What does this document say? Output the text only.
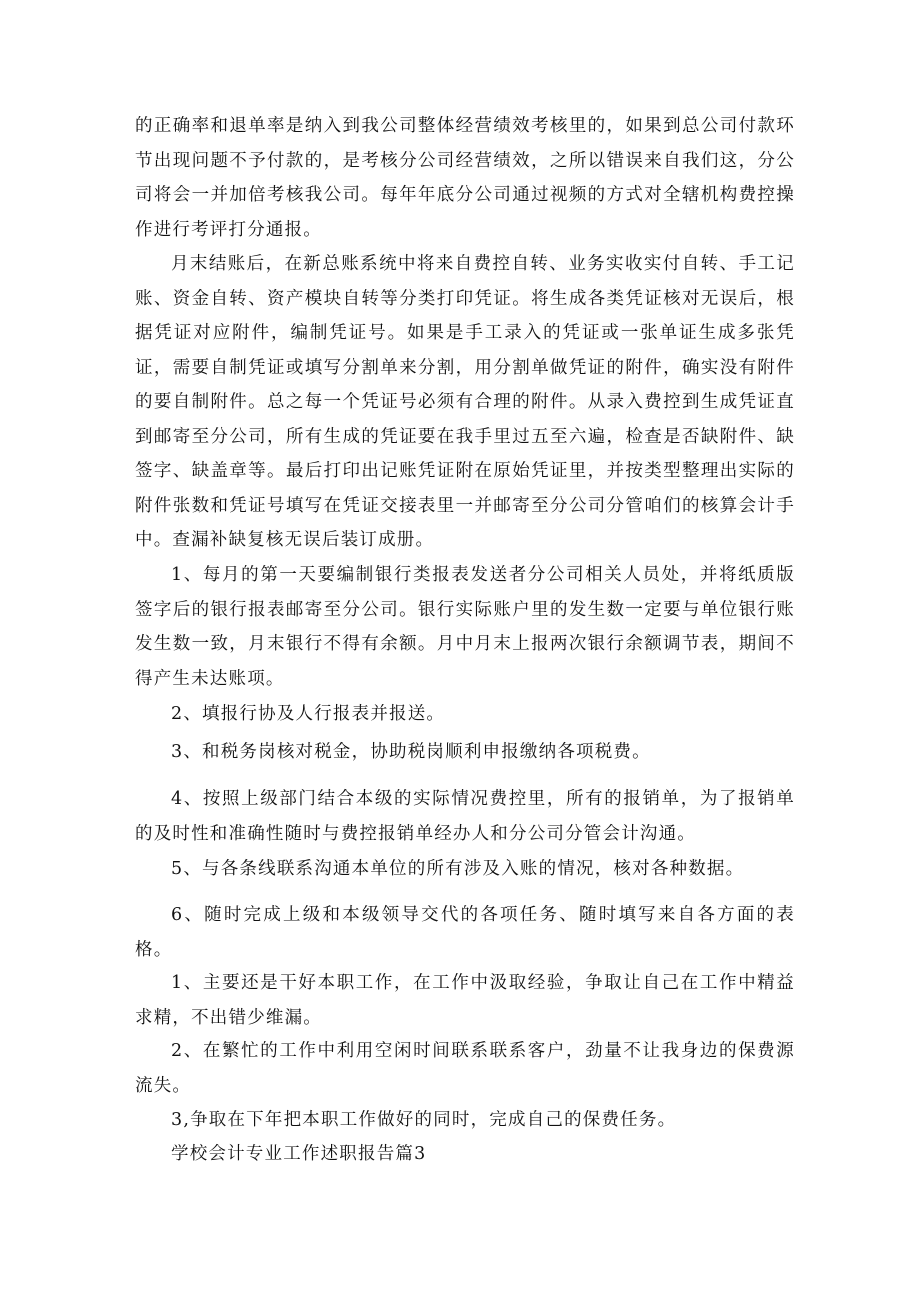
的正确率和退单率是纳入到我公司整体经营绩效考核里的，如果到总公司付款环节出现问题不予付款的，是考核分公司经营绩效，之所以错误来自我们这，分公司将会一并加倍考核我公司。每年年底分公司通过视频的方式对全辖机构费控操作进行考评打分通报。

月末结账后，在新总账系统中将来自费控自转、业务实收实付自转、手工记账、资金自转、资产模块自转等分类打印凭证。将生成各类凭证核对无误后，根据凭证对应附件，编制凭证号。如果是手工录入的凭证或一张单证生成多张凭证，需要自制凭证或填写分割单来分割，用分割单做凭证的附件，确实没有附件的要自制附件。总之每一个凭证号必须有合理的附件。从录入费控到生成凭证直到邮寄至分公司，所有生成的凭证要在我手里过五至六遍，检查是否缺附件、缺签字、缺盖章等。最后打印出记账凭证附在原始凭证里，并按类型整理出实际的附件张数和凭证号填写在凭证交接表里一并邮寄至分公司分管咱们的核算会计手中。查漏补缺复核无误后装订成册。

1、每月的第一天要编制银行类报表发送者分公司相关人员处，并将纸质版签字后的银行报表邮寄至分公司。银行实际账户里的发生数一定要与单位银行账发生数一致，月末银行不得有余额。月中月末上报两次银行余额调节表，期间不得产生未达账项。

2、填报行协及人行报表并报送。

3、和税务岗核对税金，协助税岗顺利申报缴纳各项税费。

4、按照上级部门结合本级的实际情况费控里，所有的报销单，为了报销单的及时性和准确性随时与费控报销单经办人和分公司分管会计沟通。

5、与各条线联系沟通本单位的所有涉及入账的情况，核对各种数据。

6、随时完成上级和本级领导交代的各项任务、随时填写来自各方面的表格。

1、主要还是干好本职工作，在工作中汲取经验，争取让自己在工作中精益求精，不出错少维漏。

2、在繁忙的工作中利用空闲时间联系联系客户，劲量不让我身边的保费源流失。

3,争取在下年把本职工作做好的同时，完成自己的保费任务。

学校会计专业工作述职报告篇3
